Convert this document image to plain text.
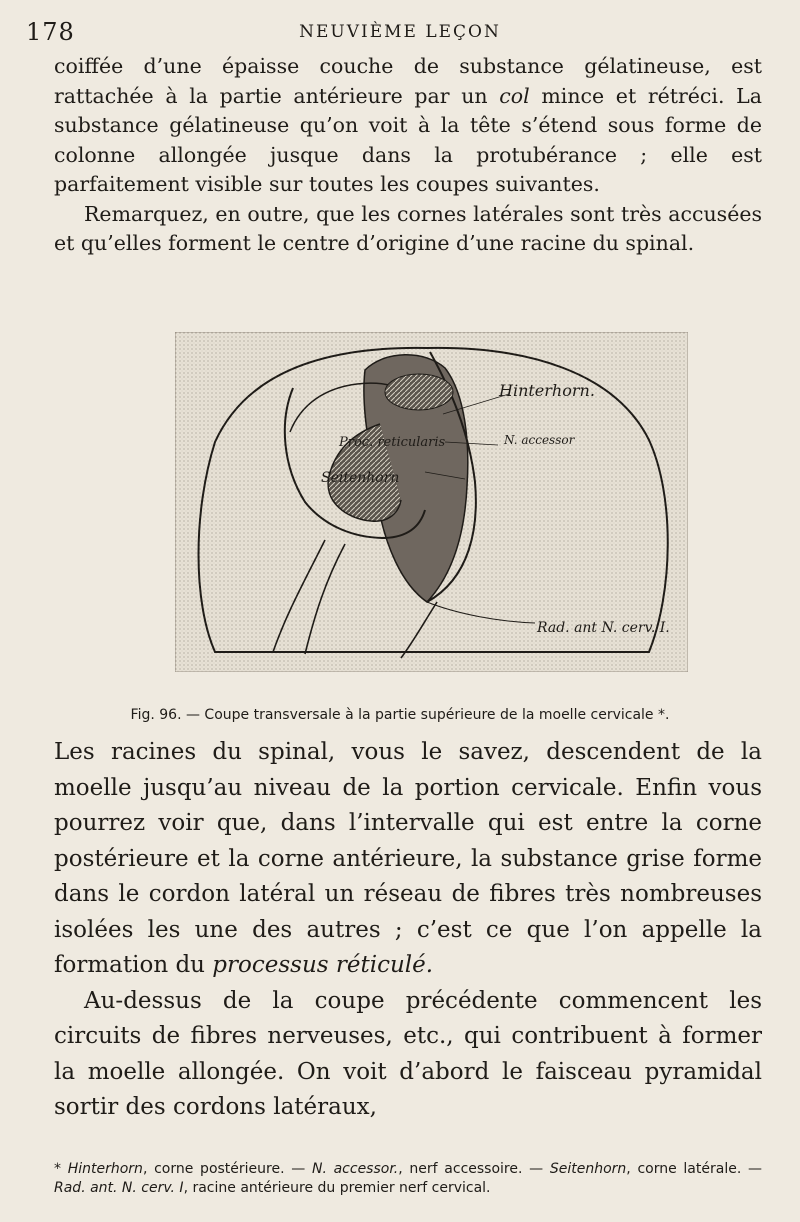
178	NEUVIÈME LEÇON

coiffée d’une épaisse couche de substance gélatineuse, est rattachée à la partie antérieure par un col mince et rétréci. La substance gélatineuse qu’on voit à la tête s’étend sous forme de colonne allongée jusque dans la protubérance ; elle est parfaitement visible sur toutes les coupes suivantes.

Remarquez, en outre, que les cornes latérales sont très accusées et qu’elles forment le centre d’origine d’une racine du spinal.

Hinterhorn.
Proc. reticularis	N. accessor
Seitenhorn
Rad. ant N. cerv. I.
Fig. 96. — Coupe transversale à la partie supérieure de la moelle cervicale *.

Les racines du spinal, vous le savez, descendent de la moelle jusqu’au niveau de la portion cervicale. Enfin vous pourrez voir que, dans l’intervalle qui est entre la corne postérieure et la corne antérieure, la substance grise forme dans le cordon latéral un réseau de fibres très nombreuses isolées les une des autres ; c’est ce que l’on appelle la formation du processus réticulé.

Au-dessus de la coupe précédente commencent les circuits de fibres nerveuses, etc., qui contribuent à former la moelle allongée. On voit d’abord le faisceau pyramidal sortir des cordons latéraux,

* Hinterhorn, corne postérieure. — N. accessor., nerf accessoire. — Seitenhorn, corne latérale. — Rad. ant. N. cerv. I, racine antérieure du premier nerf cervical.
